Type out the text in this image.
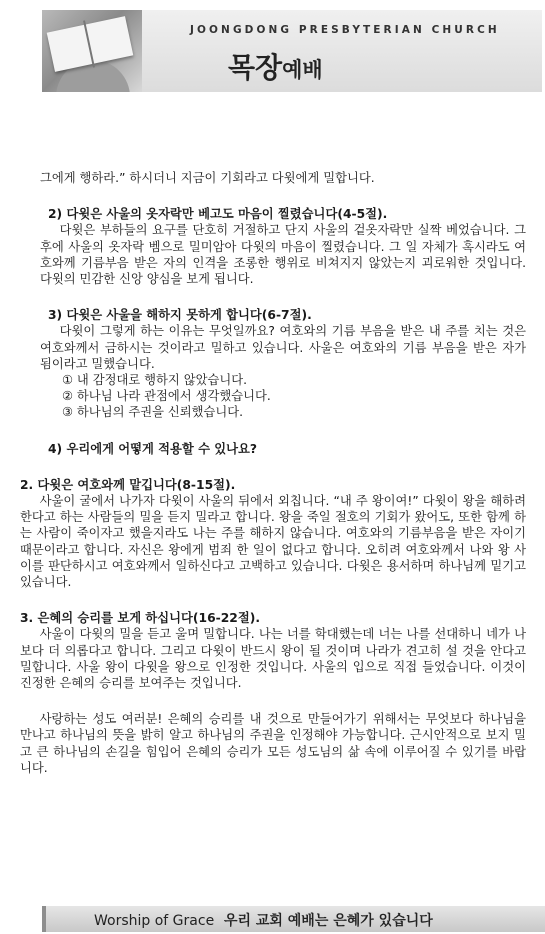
JOONGDONG PRESBYTERIAN CHURCH
목장예배

그에게 행하라.” 하시더니 지금이 기회라고 다윗에게 밀합니다.

2) 다윗은 사울의 옷자락만 베고도 마음이 찔렸습니다(4-5절).

다윗은 부하들의 요구를 단호히 거절하고 단지 사울의 겉옷자락만 실짝 베었습니다. 그 후에 사울의 옷자락 벰으로 밀미암아 다윗의 마음이 찔렸습니다. 그 일 자체가 혹시라도 여호와께 기름부음 받은 자의 인격을 조롱한 행위로 비쳐지지 않았는지 괴로워한 것입니다. 다윗의 민감한 신앙 양심을 보게 됩니다.

3) 다윗은 사울을 해하지 못하게 합니다(6-7절).

다윗이 그렇게 하는 이유는 무엇일까요? 여호와의 기름 부음을 받은 내 주를 치는 것은 여호와께서 금하시는 것이라고 밀하고 있습니다. 사울은 여호와의 기름 부음을 받은 자가 됨이라고 밀했습니다.

① 내 감정대로 행하지 않았습니다.

② 하나님 나라 관점에서 생각했습니다.

③ 하나님의 주권을 신뢰했습니다.

4) 우리에게 어떻게 적용할 수 있나요?

2. 다윗은 여호와께 맡깁니다(8-15절).

사울이 굴에서 나가자 다윗이 사울의 뒤에서 외칩니다. “내 주 왕이여!” 다윗이 왕을 해하려 한다고 하는 사람들의 밀을 듣지 밀라고 합니다. 왕을 죽일 절호의 기회가 왔어도, 또한 함께 하는 사람이 죽이자고 했을지라도 나는 주를 해하지 않습니다. 여호와의 기름부음을 받은 자이기 때문이라고 합니다. 자신은 왕에게 범죄 한 일이 없다고 합니다. 오히려 여호와께서 나와 왕 사이를 판단하시고 여호와께서 일하신다고 고백하고 있습니다. 다윗은 용서하며 하나님께 밑기고 있습니다.

3. 은혜의 승리를 보게 하십니다(16-22절).

사울이 다윗의 밀을 듣고 울며 밀합니다. 나는 너를 학대했는데 너는 나를 선대하니 네가 나보다 더 의롭다고 합니다. 그리고 다윗이 반드시 왕이 될 것이며 나라가 견고히 설 것을 안다고 밀합니다. 사울 왕이 다윗을 왕으로 인정한 것입니다. 사울의 입으로 직접 들었습니다. 이것이 진정한 은혜의 승리를 보여주는 것입니다.

사랑하는 성도 여러분! 은혜의 승리를 내 것으로 만들어가기 위해서는 무엇보다 하나님을 만나고 하나님의 뜻을 밝히 알고 하나님의 주권을 인정해야 가능합니다. 근시안적으로 보지 밀고 큰 하나님의 손길을 힘입어 은혜의 승리가 모든 성도님의 삶 속에 이루어질 수 있기를 바랍니다.

Worship of Grace 우리 교회 예배는 은혜가 있습니다
